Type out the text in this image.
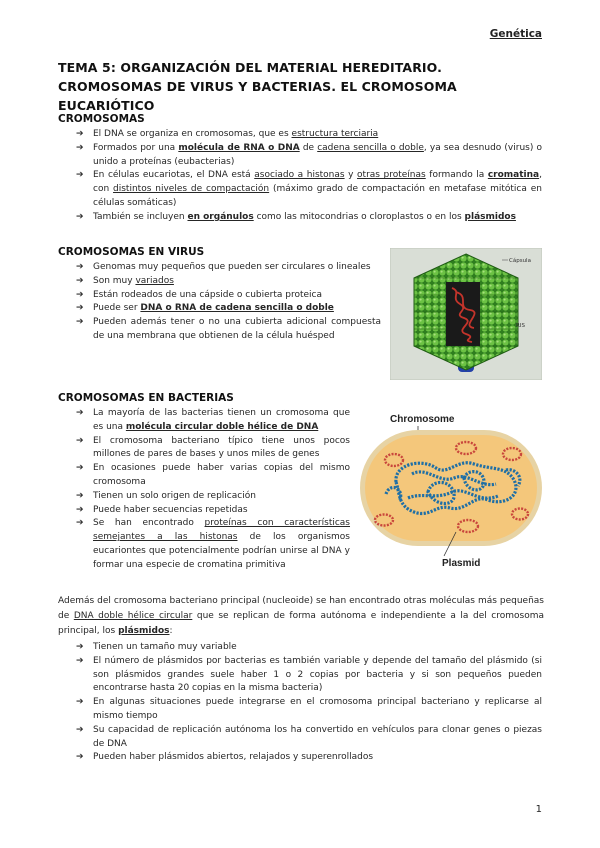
Genética
TEMA 5: ORGANIZACIÓN DEL MATERIAL HEREDITARIO. CROMOSOMAS DE VIRUS Y BACTERIAS. EL CROMOSOMA EUCARIÓTICO
CROMOSOMAS
➔ El DNA se organiza en cromosomas, que es estructura terciaria
➔ Formados por una molécula de RNA o DNA de cadena sencilla o doble, ya sea desnudo (virus) o unido a proteínas (eubacterias)
➔ En células eucariotas, el DNA está asociado a histonas y otras proteínas formando la cromatina, con distintos niveles de compactación (máximo grado de compactación en metafase mitótica en células somáticas)
➔ También se incluyen en orgánulos como las mitocondrias o cloroplastos o en los plásmidos
CROMOSOMAS EN VIRUS
➔ Genomas muy pequeños que pueden ser circulares o lineales
➔ Son muy variados
➔ Están rodeados de una cápside o cubierta proteica
➔ Puede ser DNA o RNA de cadena sencilla o doble
➔ Pueden además tener o no una cubierta adicional compuesta de una membrana que obtienen de la célula huésped
Cápsula
RIS
CROMOSOMAS EN BACTERIAS
➔ La mayoría de las bacterias tienen un cromosoma que es una molécula circular doble hélice de DNA
➔ El cromosoma bacteriano típico tiene unos pocos millones de pares de bases y unos miles de genes
➔ En ocasiones puede haber varias copias del mismo cromosoma
➔ Tienen un solo origen de replicación
➔ Puede haber secuencias repetidas
➔ Se han encontrado proteínas con características semejantes a las histonas de los organismos eucariontes que potencialmente podrían unirse al DNA y formar una especie de cromatina primitiva
Chromosome
Plasmid

Además del cromosoma bacteriano principal (nucleoide) se han encontrado otras moléculas más pequeñas de DNA doble hélice circular que se replican de forma autónoma e independiente a la del cromosoma principal, los plásmidos:

➔ Tienen un tamaño muy variable
➔ El número de plásmidos por bacterias es también variable y depende del tamaño del plásmido (si son plásmidos grandes suele haber 1 o 2 copias por bacteria y si son pequeños pueden encontrarse hasta 20 copias en la misma bacteria)
➔ En algunas situaciones puede integrarse en el cromosoma principal bacteriano y replicarse al mismo tiempo
➔ Su capacidad de replicación autónoma los ha convertido en vehículos para clonar genes o piezas de DNA
➔ Pueden haber plásmidos abiertos, relajados y superenrollados
1
